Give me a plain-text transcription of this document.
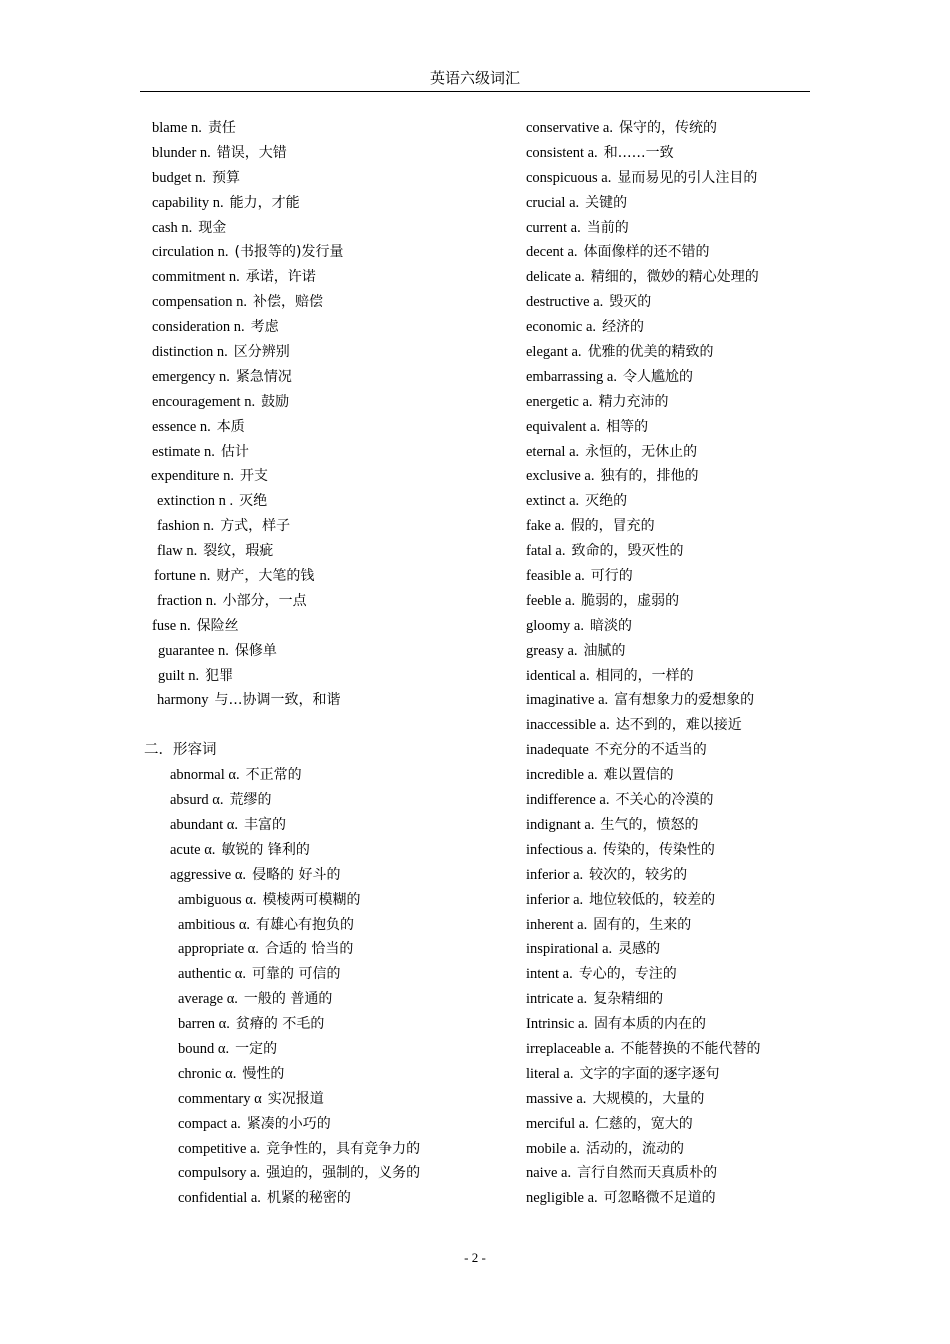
英语六级词汇
blame n. 责任
blunder n. 错误，大错
budget n. 预算
capability n. 能力，才能
cash n. 现金
circulation n. (书报等的)发行量
commitment n. 承诺，许诺
compensation n. 补偿，赔偿
consideration n. 考虑
distinction n. 区分辨别
emergency n. 紧急情况
encouragement n. 鼓励
essence n. 本质
estimate n. 估计
expenditure n. 开支
extinction n . 灭绝
fashion n. 方式，样子
flaw n. 裂纹，瑕疵
fortune n. 财产，大笔的钱
fraction n. 小部分，一点
fuse n. 保险丝
guarantee n. 保修单
guilt n. 犯罪
harmony 与…协调一致，和谐
二．形容词
abnormal α. 不正常的
absurd α. 荒缪的
abundant α. 丰富的
acute α. 敏锐的 锋利的
aggressive α. 侵略的 好斗的
ambiguous α. 模棱两可模糊的
ambitious α. 有雄心有抱负的
appropriate α. 合适的 恰当的
authentic α. 可靠的 可信的
average α. 一般的 普通的
barren α. 贫瘠的 不毛的
bound α. 一定的
chronic α. 慢性的
commentary α 实况报道
compact a. 紧凑的小巧的
competitive a. 竞争性的，具有竞争力的
compulsory a. 强迫的，强制的，义务的
confidential a. 机紧的秘密的
conservative a. 保守的，传统的
consistent a. 和……一致
conspicuous a. 显而易见的引人注目的
crucial a. 关键的
current a. 当前的
decent a. 体面像样的还不错的
delicate a. 精细的，微妙的精心处理的
destructive a. 毁灭的
economic a. 经济的
elegant a. 优雅的优美的精致的
embarrassing a. 令人尴尬的
energetic a. 精力充沛的
equivalent a. 相等的
eternal a. 永恒的，无休止的
exclusive a. 独有的，排他的
extinct a. 灭绝的
fake a. 假的，冒充的
fatal a. 致命的，毁灭性的
feasible a. 可行的
feeble a. 脆弱的，虚弱的
gloomy a. 暗淡的
greasy a. 油腻的
identical a. 相同的，一样的
imaginative a. 富有想象力的爱想象的
inaccessible a. 达不到的，难以接近
inadequate 不充分的不适当的
incredible a. 难以置信的
indifference a. 不关心的冷漠的
indignant a. 生气的，愤怒的
infectious a. 传染的，传染性的
inferior a. 较次的，较劣的
inferior a. 地位较低的，较差的
inherent a. 固有的，生来的
inspirational a. 灵感的
intent a. 专心的，专注的
intricate a. 复杂精细的
Intrinsic a. 固有本质的内在的
irreplaceable a. 不能替换的不能代替的
literal a. 文字的字面的逐字逐句
massive a. 大规模的，大量的
merciful a. 仁慈的，宽大的
mobile a. 活动的，流动的
naive a. 言行自然而天真质朴的
negligible a. 可忽略微不足道的
- 2 -
